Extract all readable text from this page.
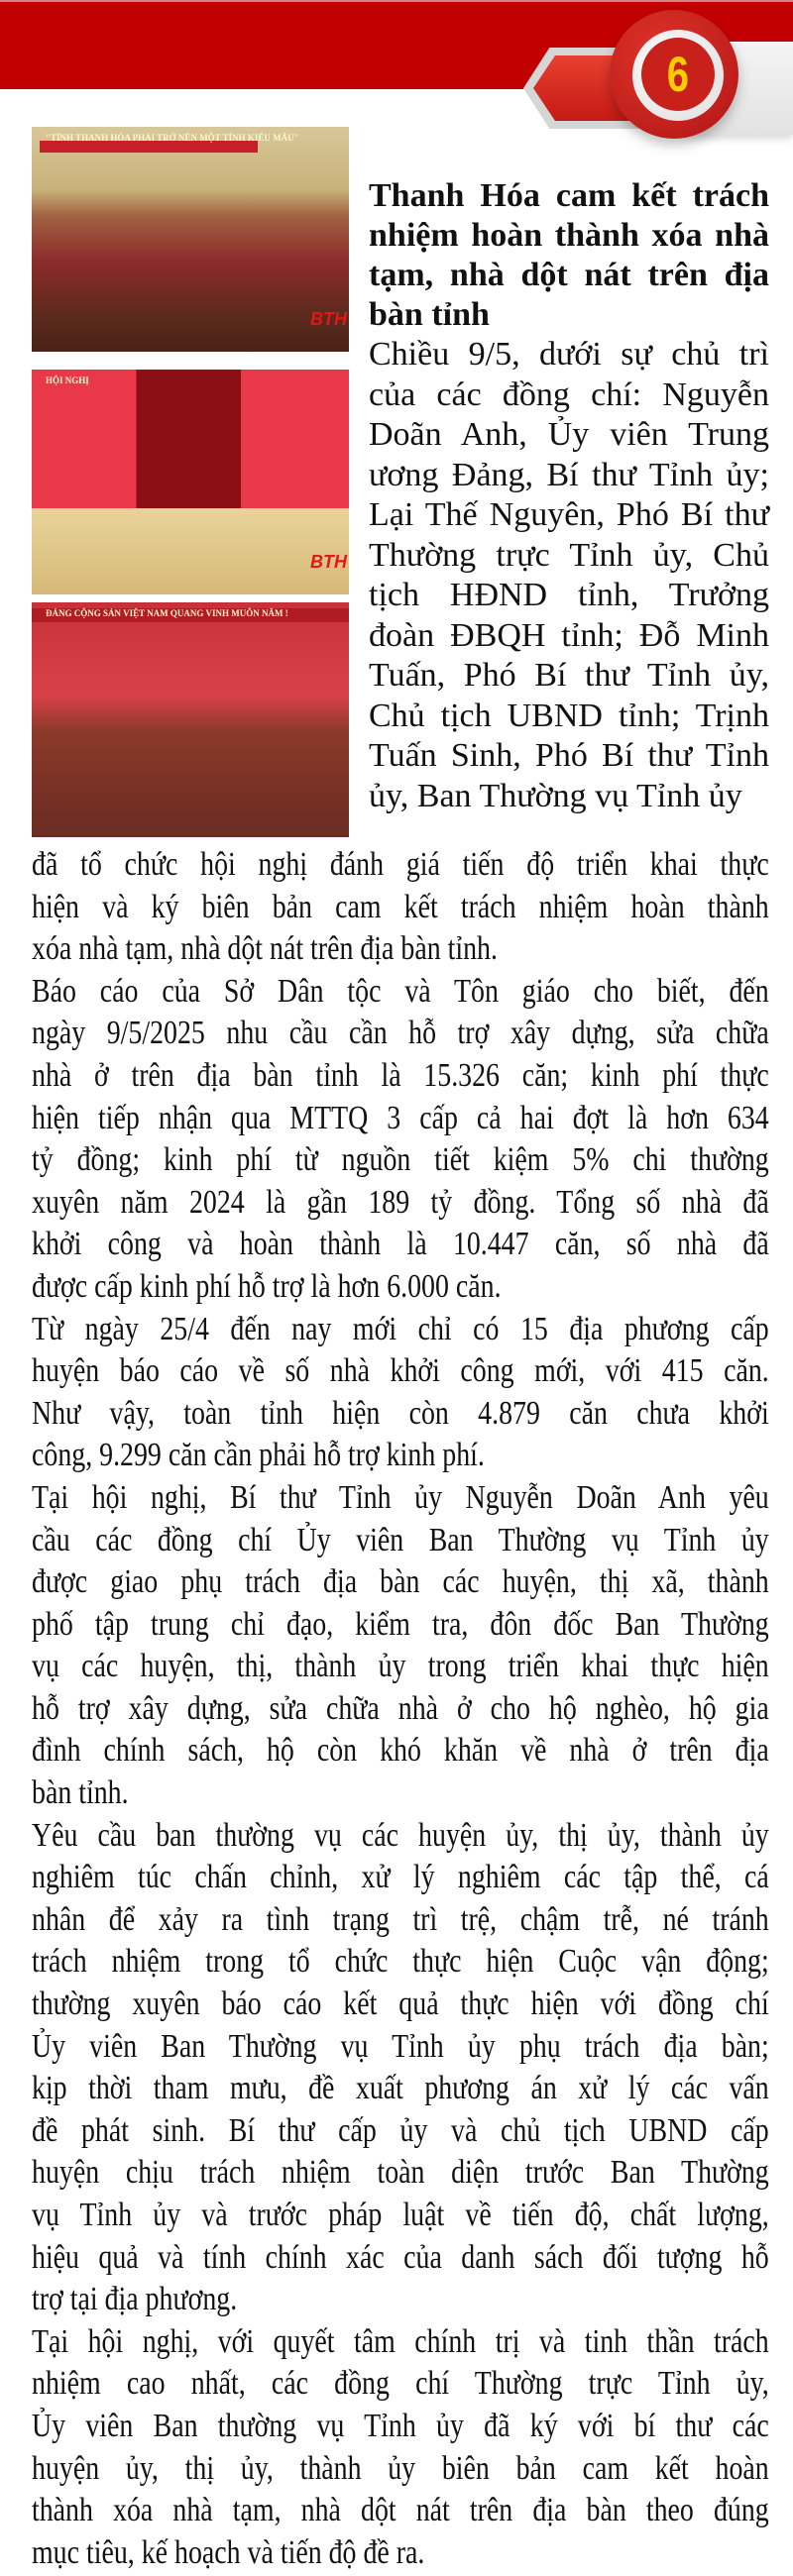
6
"TỈNH THANH HÓA PHẢI TRỞ NÊN MỘT TỈNH KIỂU MẪU"
BTH
HỘI NGHỊ
BTH
ĐẢNG CỘNG SẢN VIỆT NAM QUANG VINH MUÔN NĂM !
Thanh Hóa cam kết trách
nhiệm hoàn thành xóa nhà
tạm, nhà dột nát trên địa
bàn tỉnh
Chiều 9/5, dưới sự chủ trì
của các đồng chí: Nguyễn
Doãn Anh, Ủy viên Trung
ương Đảng, Bí thư Tỉnh ủy;
Lại Thế Nguyên, Phó Bí thư
Thường trực Tỉnh ủy, Chủ
tịch HĐND tỉnh, Trưởng
đoàn ĐBQH tỉnh; Đỗ Minh
Tuấn, Phó Bí thư Tỉnh ủy,
Chủ tịch UBND tỉnh; Trịnh
Tuấn Sinh, Phó Bí thư Tỉnh
ủy, Ban Thường vụ Tỉnh ủy
đã tổ chức hội nghị đánh giá tiến độ triển khai thực
hiện và ký biên bản cam kết trách nhiệm hoàn thành
xóa nhà tạm, nhà dột nát trên địa bàn tỉnh.
Báo cáo của Sở Dân tộc và Tôn giáo cho biết, đến
ngày 9/5/2025 nhu cầu cần hỗ trợ xây dựng, sửa chữa
nhà ở trên địa bàn tỉnh là 15.326 căn; kinh phí thực
hiện tiếp nhận qua MTTQ 3 cấp cả hai đợt là hơn 634
tỷ đồng; kinh phí từ nguồn tiết kiệm 5% chi thường
xuyên năm 2024 là gần 189 tỷ đồng. Tổng số nhà đã
khởi công và hoàn thành là 10.447 căn, số nhà đã
được cấp kinh phí hỗ trợ là hơn 6.000 căn.
Từ ngày 25/4 đến nay mới chỉ có 15 địa phương cấp
huyện báo cáo về số nhà khởi công mới, với 415 căn.
Như vậy, toàn tỉnh hiện còn 4.879 căn chưa khởi
công, 9.299 căn cần phải hỗ trợ kinh phí.
Tại hội nghị, Bí thư Tỉnh ủy Nguyễn Doãn Anh yêu
cầu các đồng chí Ủy viên Ban Thường vụ Tỉnh ủy
được giao phụ trách địa bàn các huyện, thị xã, thành
phố tập trung chỉ đạo, kiểm tra, đôn đốc Ban Thường
vụ các huyện, thị, thành ủy trong triển khai thực hiện
hỗ trợ xây dựng, sửa chữa nhà ở cho hộ nghèo, hộ gia
đình chính sách, hộ còn khó khăn về nhà ở trên địa
bàn tỉnh.
Yêu cầu ban thường vụ các huyện ủy, thị ủy, thành ủy
nghiêm túc chấn chỉnh, xử lý nghiêm các tập thể, cá
nhân để xảy ra tình trạng trì trệ, chậm trễ, né tránh
trách nhiệm trong tổ chức thực hiện Cuộc vận động;
thường xuyên báo cáo kết quả thực hiện với đồng chí
Ủy viên Ban Thường vụ Tỉnh ủy phụ trách địa bàn;
kịp thời tham mưu, đề xuất phương án xử lý các vấn
đề phát sinh. Bí thư cấp ủy và chủ tịch UBND cấp
huyện chịu trách nhiệm toàn diện trước Ban Thường
vụ Tỉnh ủy và trước pháp luật về tiến độ, chất lượng,
hiệu quả và tính chính xác của danh sách đối tượng hỗ
trợ tại địa phương.
Tại hội nghị, với quyết tâm chính trị và tinh thần trách
nhiệm cao nhất, các đồng chí Thường trực Tỉnh ủy,
Ủy viên Ban thường vụ Tỉnh ủy đã ký với bí thư các
huyện ủy, thị ủy, thành ủy biên bản cam kết hoàn
thành xóa nhà tạm, nhà dột nát trên địa bàn theo đúng
mục tiêu, kế hoạch và tiến độ đề ra.
